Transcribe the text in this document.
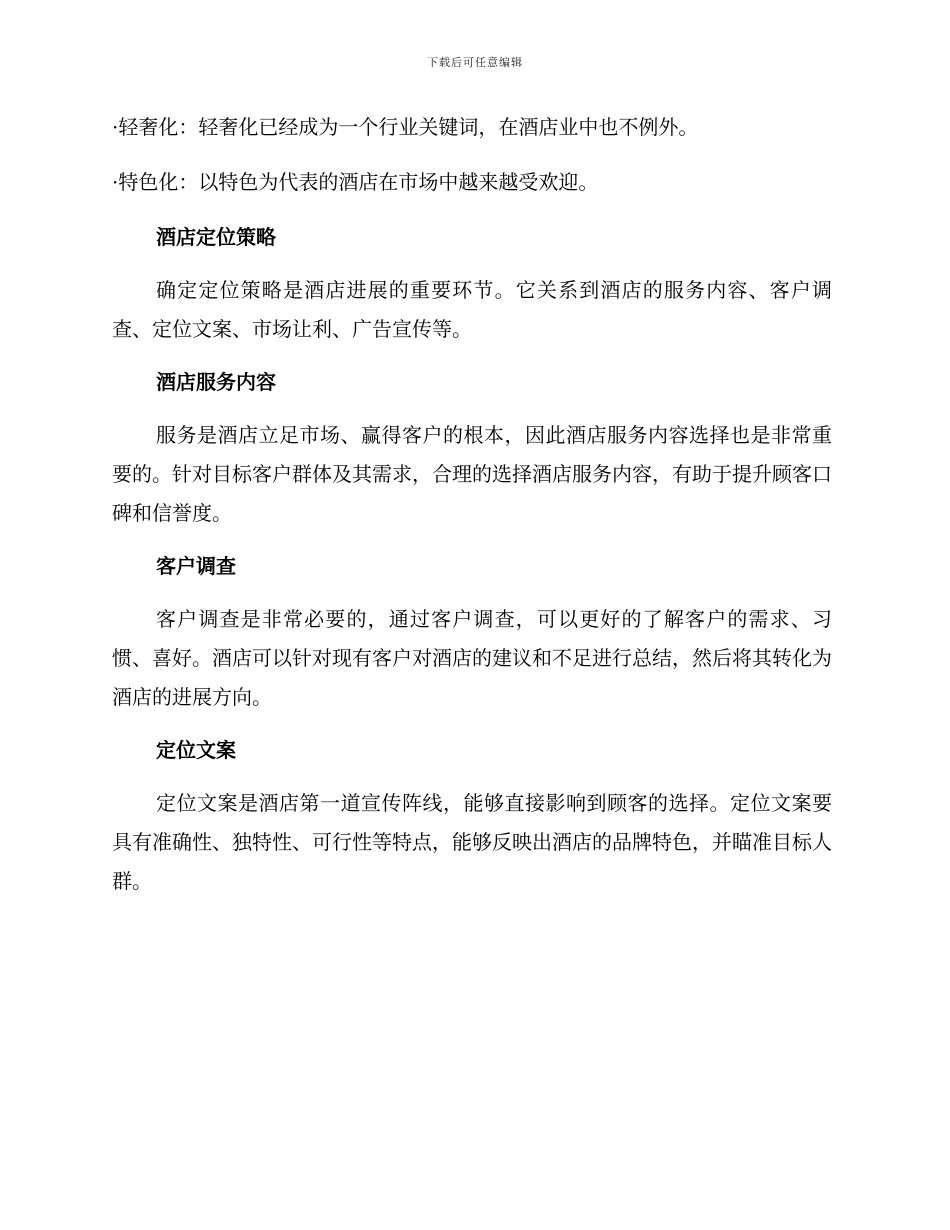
下载后可任意编辑

·轻奢化：轻奢化已经成为一个行业关键词，在酒店业中也不例外。

·特色化：以特色为代表的酒店在市场中越来越受欢迎。

酒店定位策略

确定定位策略是酒店进展的重要环节。它关系到酒店的服务内容、客户调查、定位文案、市场让利、广告宣传等。

酒店服务内容

服务是酒店立足市场、赢得客户的根本，因此酒店服务内容选择也是非常重要的。针对目标客户群体及其需求，合理的选择酒店服务内容，有助于提升顾客口碑和信誉度。

客户调查

客户调查是非常必要的，通过客户调查，可以更好的了解客户的需求、习惯、喜好。酒店可以针对现有客户对酒店的建议和不足进行总结，然后将其转化为酒店的进展方向。

定位文案

定位文案是酒店第一道宣传阵线，能够直接影响到顾客的选择。定位文案要具有准确性、独特性、可行性等特点，能够反映出酒店的品牌特色，并瞄准目标人群。
